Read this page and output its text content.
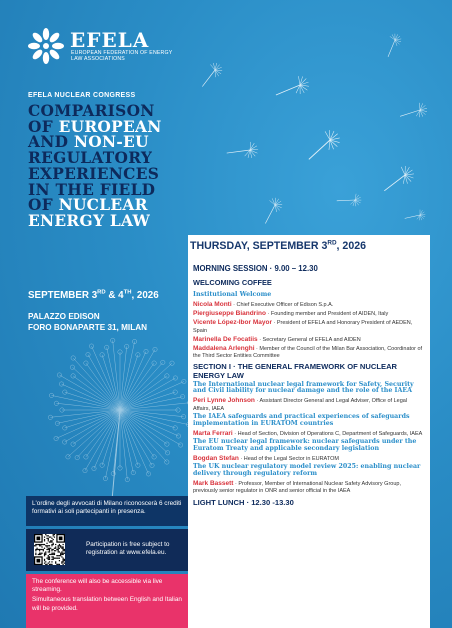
EFELA
EUROPEAN FEDERATION OF ENERGY LAW ASSOCIATIONS
EFELA NUCLEAR CONGRESS
COMPARISON
OF EUROPEAN
AND NON-EU
REGULATORY
EXPERIENCES
IN THE FIELD
OF NUCLEAR
ENERGY LAW
SEPTEMBER 3RD & 4TH, 2026
PALAZZO EDISON
FORO BONAPARTE 31, MILAN
L'ordine degli avvocati di Milano riconoscerà 6 crediti formativi ai soli partecipanti in presenza.
Participation is free subject to registration at www.efela.eu.

The conference will also be accessible via live streaming.

Simultaneous translation between English and Italian will be provided.

THURSDAY, SEPTEMBER 3RD, 2026
MORNING SESSION · 9.00 – 12.30
WELCOMING COFFEE
Institutional Welcome
Nicola Monti · Chief Executive Officer of Edison S.p.A.
Piergiuseppe Biandrino · Founding member and President of AIDEN, Italy
Vicente López-Ibor Mayor · President of EFELA and Honorary President of AEDEN, Spain
Marinella De Focatiis · Secretary General of EFELA and AIDEN
Maddalena Arlenghi · Member of the Council of the Milan Bar Association, Coordinator of the Third Sector Entities Committee
SECTION I · THE GENERAL FRAMEWORK OF NUCLEAR ENERGY LAW
The International nuclear legal framework for Safety, Security and Civil liability for nuclear damage and the role of the IAEA
Peri Lynne Johnson · Assistant Director General and Legal Adviser, Office of Legal Affairs, IAEA
The IAEA safeguards and practical experiences of safeguards implementation in EURATOM countries
Marta Ferrari · Head of Section, Division of Operations C, Department of Safeguards, IAEA
The EU nuclear legal framework: nuclear safeguards under the Euratom Treaty and applicable secondary legislation
Bogdan Stefan · Head of the Legal Sector in EURATOM
The UK nuclear regulatory model review 2025: enabling nuclear delivery through regulatory reform
Mark Bassett · Professor, Member of International Nuclear Safety Advisory Group, previously senior regulator in ONR and senior official in the IAEA
LIGHT LUNCH · 12.30 -13.30
